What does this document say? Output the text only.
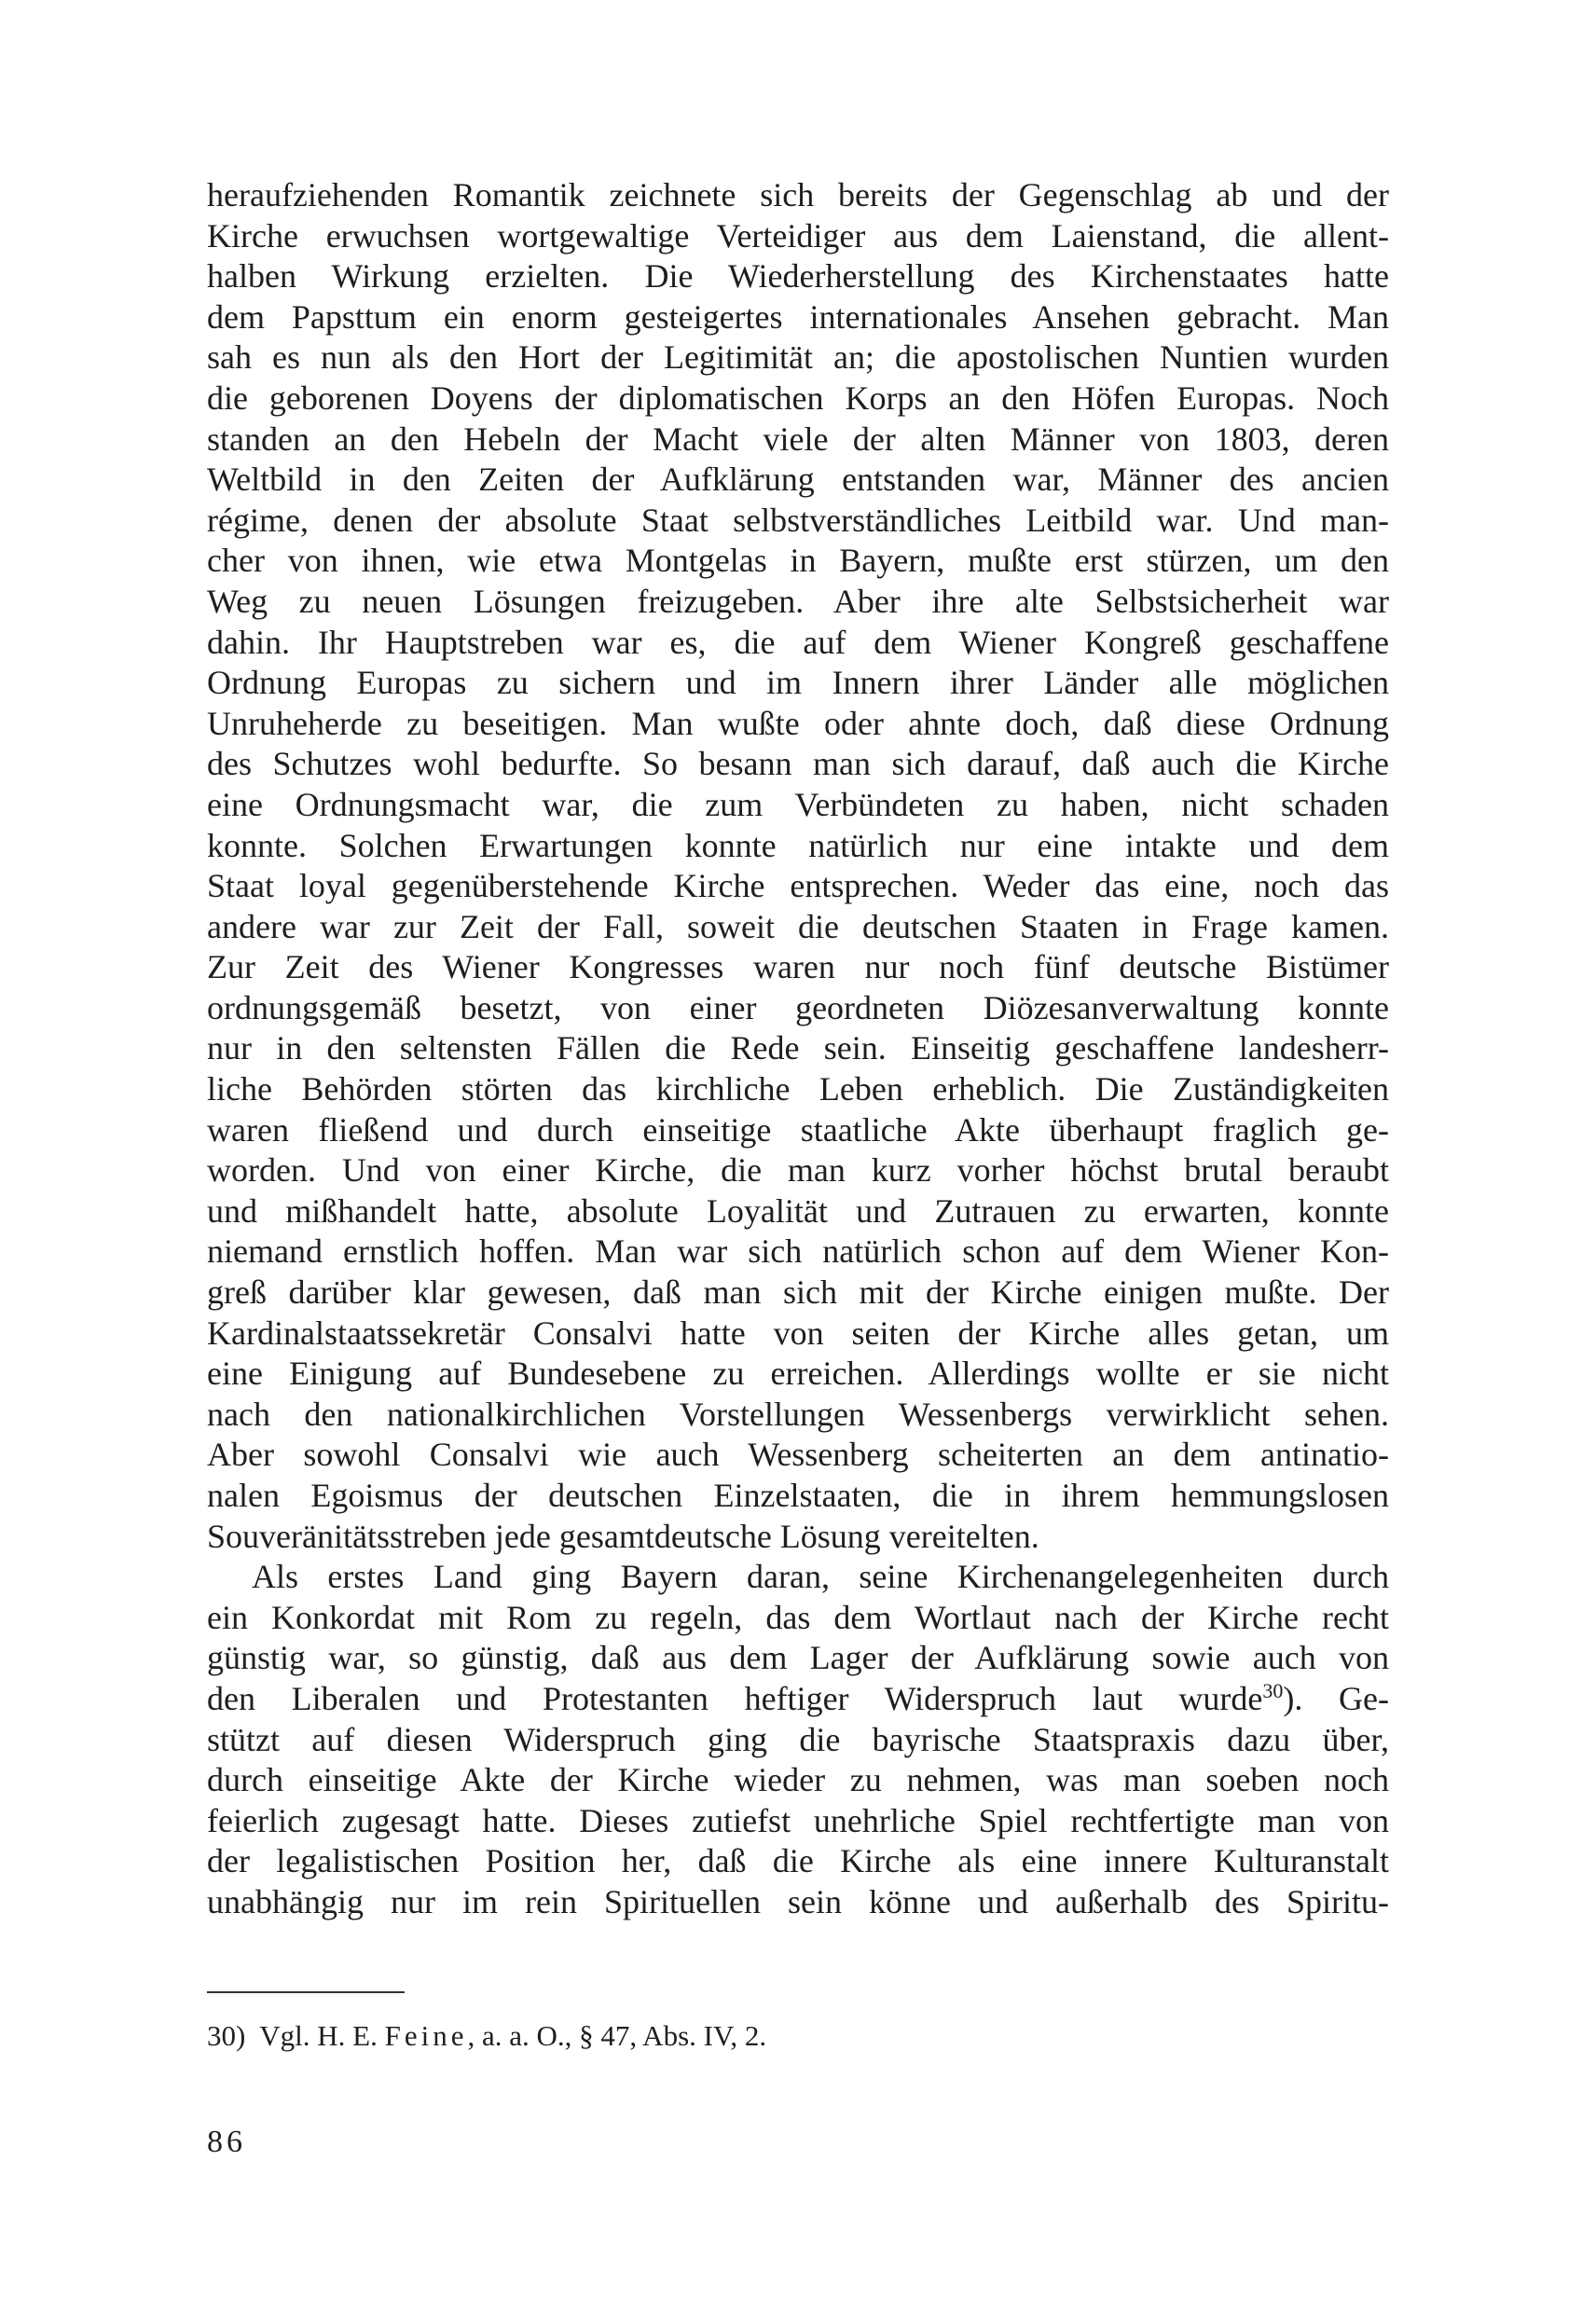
heraufziehenden Romantik zeichnete sich bereits der Gegenschlag ab und der
Kirche erwuchsen wortgewaltige Verteidiger aus dem Laienstand, die allent-
halben Wirkung erzielten. Die Wiederherstellung des Kirchenstaates hatte
dem Papsttum ein enorm gesteigertes internationales Ansehen gebracht. Man
sah es nun als den Hort der Legitimität an; die apostolischen Nuntien wurden
die geborenen Doyens der diplomatischen Korps an den Höfen Europas. Noch
standen an den Hebeln der Macht viele der alten Männer von 1803, deren
Weltbild in den Zeiten der Aufklärung entstanden war, Männer des ancien
régime, denen der absolute Staat selbstverständliches Leitbild war. Und man-
cher von ihnen, wie etwa Montgelas in Bayern, mußte erst stürzen, um den
Weg zu neuen Lösungen freizugeben. Aber ihre alte Selbstsicherheit war
dahin. Ihr Hauptstreben war es, die auf dem Wiener Kongreß geschaffene
Ordnung Europas zu sichern und im Innern ihrer Länder alle möglichen
Unruheherde zu beseitigen. Man wußte oder ahnte doch, daß diese Ordnung
des Schutzes wohl bedurfte. So besann man sich darauf, daß auch die Kirche
eine Ordnungsmacht war, die zum Verbündeten zu haben, nicht schaden
konnte. Solchen Erwartungen konnte natürlich nur eine intakte und dem
Staat loyal gegenüberstehende Kirche entsprechen. Weder das eine, noch das
andere war zur Zeit der Fall, soweit die deutschen Staaten in Frage kamen.
Zur Zeit des Wiener Kongresses waren nur noch fünf deutsche Bistümer
ordnungsgemäß besetzt, von einer geordneten Diözesanverwaltung konnte
nur in den seltensten Fällen die Rede sein. Einseitig geschaffene landesherr-
liche Behörden störten das kirchliche Leben erheblich. Die Zuständigkeiten
waren fließend und durch einseitige staatliche Akte überhaupt fraglich ge-
worden. Und von einer Kirche, die man kurz vorher höchst brutal beraubt
und mißhandelt hatte, absolute Loyalität und Zutrauen zu erwarten, konnte
niemand ernstlich hoffen. Man war sich natürlich schon auf dem Wiener Kon-
greß darüber klar gewesen, daß man sich mit der Kirche einigen mußte. Der
Kardinalstaatssekretär Consalvi hatte von seiten der Kirche alles getan, um
eine Einigung auf Bundesebene zu erreichen. Allerdings wollte er sie nicht
nach den nationalkirchlichen Vorstellungen Wessenbergs verwirklicht sehen.
Aber sowohl Consalvi wie auch Wessenberg scheiterten an dem antinatio-
nalen Egoismus der deutschen Einzelstaaten, die in ihrem hemmungslosen
Souveränitätsstreben jede gesamtdeutsche Lösung vereitelten.
Als erstes Land ging Bayern daran, seine Kirchenangelegenheiten durch
ein Konkordat mit Rom zu regeln, das dem Wortlaut nach der Kirche recht
günstig war, so günstig, daß aus dem Lager der Aufklärung sowie auch von
den Liberalen und Protestanten heftiger Widerspruch laut wurde$^{30}$). Ge-
stützt auf diesen Widerspruch ging die bayrische Staatspraxis dazu über,
durch einseitige Akte der Kirche wieder zu nehmen, was man soeben noch
feierlich zugesagt hatte. Dieses zutiefst unehrliche Spiel rechtfertigte man von
der legalistischen Position her, daß die Kirche als eine innere Kulturanstalt
unabhängig nur im rein Spirituellen sein könne und außerhalb des Spiritu-
30) Vgl. H. E. Feine, a. a. O., § 47, Abs. IV, 2.
86
